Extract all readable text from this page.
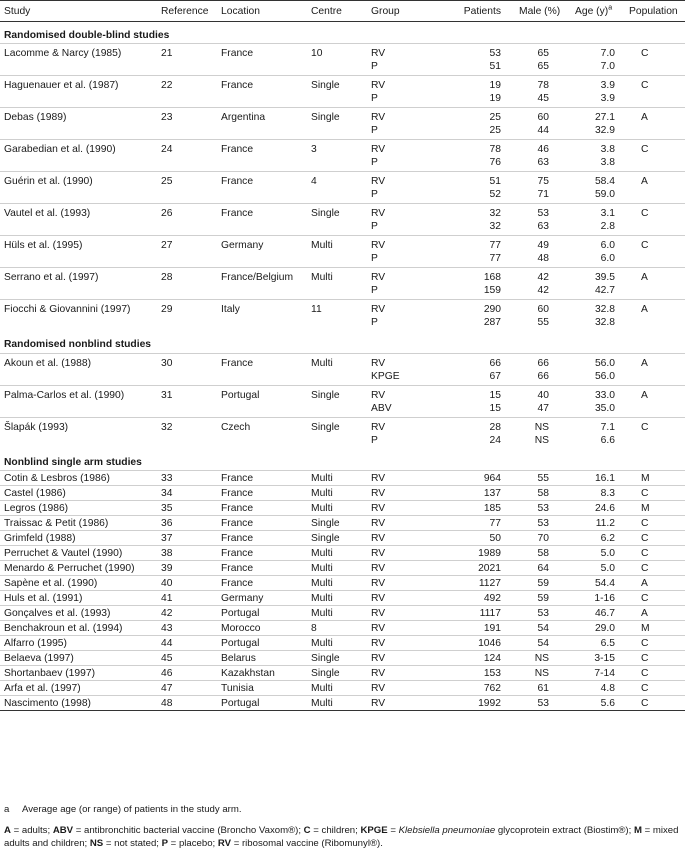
Study	Reference	Location	Centre	Group	Patients	Male (%)	Age $(y)^a$	Population
Randomised double-blind studies								
Lacomme & Narcy (1985)	21	France	10	RV	53	65	7.0	C
				P	51	65	7.0	
Haguenauer et al. (1987)	22	France	Single	RV	19	78	3.9	C
				P	19	45	3.9	
Debas (1989)	23	Argentina	Single	RV	25	60	27.1	A
				P	25	44	32.9	
Garabedian et al. (1990)	24	France	3	RV	78	46	3.8	C
				P	76	63	3.8	
Guérin et al. (1990)	25	France	4	RV	51	75	58.4	A
				P	52	71	59.0	
Vautel et al. (1993)	26	France	Single	RV	32	53	3.1	C
				P	32	63	2.8	
Hüls et al. (1995)	27	Germany	Multi	RV	77	49	6.0	C
				P	77	48	6.0	
Serrano et al. (1997)	28	France/Belgium	Multi	RV	168	42	39.5	A
				P	159	42	42.7	
Fiocchi & Giovannini (1997)	29	Italy	11	RV	290	60	32.8	A
				P	287	55	32.8	
Randomised nonblind studies								
Akoun et al. (1988)	30	France	Multi	RV	66	66	56.0	A
				KPGE	67	66	56.0	
Palma-Carlos et al. (1990)	31	Portugal	Single	RV	15	40	33.0	A
				ABV	15	47	35.0	
Šlapák (1993)	32	Czech	Single	RV	28	NS	7.1	C
				P	24	NS	6.6	
Nonblind single arm studies								
Cotin & Lesbros (1986)	33	France	Multi	RV	964	55	16.1	M
Castel (1986)	34	France	Multi	RV	137	58	8.3	C
Legros (1986)	35	France	Multi	RV	185	53	24.6	M
Traissac & Petit (1986)	36	France	Single	RV	77	53	11.2	C
Grimfeld (1988)	37	France	Single	RV	50	70	6.2	C
Perruchet & Vautel (1990)	38	France	Multi	RV	1989	58	5.0	C
Menardo & Perruchet (1990)	39	France	Multi	RV	2021	64	5.0	C
Sapène et al. (1990)	40	France	Multi	RV	1127	59	54.4	A
Huls et al. (1991)	41	Germany	Multi	RV	492	59	1-16	C
Gonçalves et al. (1993)	42	Portugal	Multi	RV	1117	53	46.7	A
Benchakroun et al. (1994)	43	Morocco	8	RV	191	54	29.0	M
Alfarro (1995)	44	Portugal	Multi	RV	1046	54	6.5	C
Belaeva (1997)	45	Belarus	Single	RV	124	NS	3-15	C
Shortanbaev (1997)	46	Kazakhstan	Single	RV	153	NS	7-14	C
Arfa et al. (1997)	47	Tunisia	Multi	RV	762	61	4.8	C
Nascimento (1998)	48	Portugal	Multi	RV	1992	53	5.6	C

a Average age (or range) of patients in the study arm.
A = adults; ABV = antibronchitic bacterial vaccine (Broncho Vaxom®); C = children; KPGE = Klebsiella pneumoniae glycoprotein extract (Biostim®); M = mixed adults and children; NS = not stated; P = placebo; RV = ribosomal vaccine (Ribomunyl®).
